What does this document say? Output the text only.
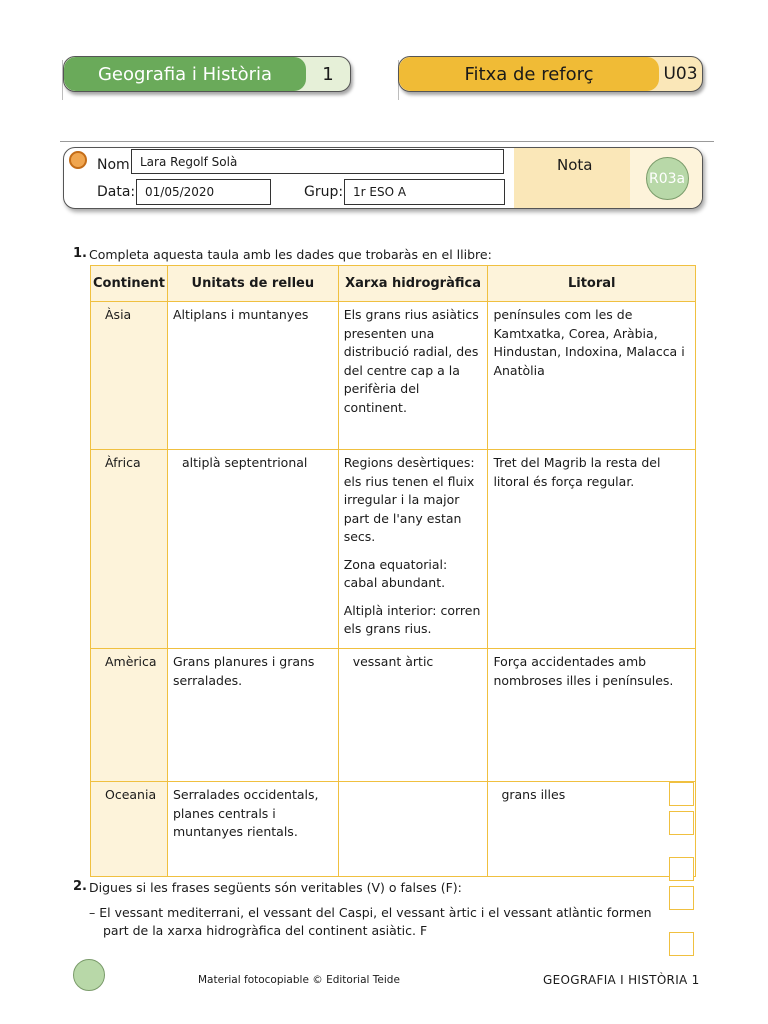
Geografia i Història	1	Fitxa de reforç	U03
Nom Lara Regolf Solà
Data: 01/05/2020	Grup: 1r ESO A
Nota
R03a
1. Completa aquesta taula amb les dades que trobaràs en el llibre:
Continent	Unitats de relleu	Xarxa hidrogràfica	Litoral
Àsia	Altiplans i muntanyes	Els grans rius asiàtics presenten una distribució radial, des del centre cap a la perifèria del continent.	penínsules com les de Kamtxatka, Corea, Aràbia, Hindustan, Indoxina, Malacca i Anatòlia
Àfrica	altiplà septentrional	Regions desèrtiques: els rius tenen el fluix irregular i la major part de l'any estan secs.
Zona equatorial: cabal abundant.
Altiplà interior: corren els grans rius.	Tret del Magrib la resta del litoral és força regular.
Amèrica	Grans planures i grans serralades.	vessant àrtic	Força accidentades amb nombroses illes i penínsules.
Oceania	Serralades occidentals, planes centrals i muntanyes rientals.		grans illes
2. Digues si les frases següents són veritables (V) o falses (F):
– El vessant mediterrani, el vessant del Caspi, el vessant àrtic i el vessant atlàntic formen
part de la xarxa hidrogràfica del continent asiàtic. F
Material fotocopiable © Editorial Teide	GEOGRAFIA I HISTÒRIA 1
